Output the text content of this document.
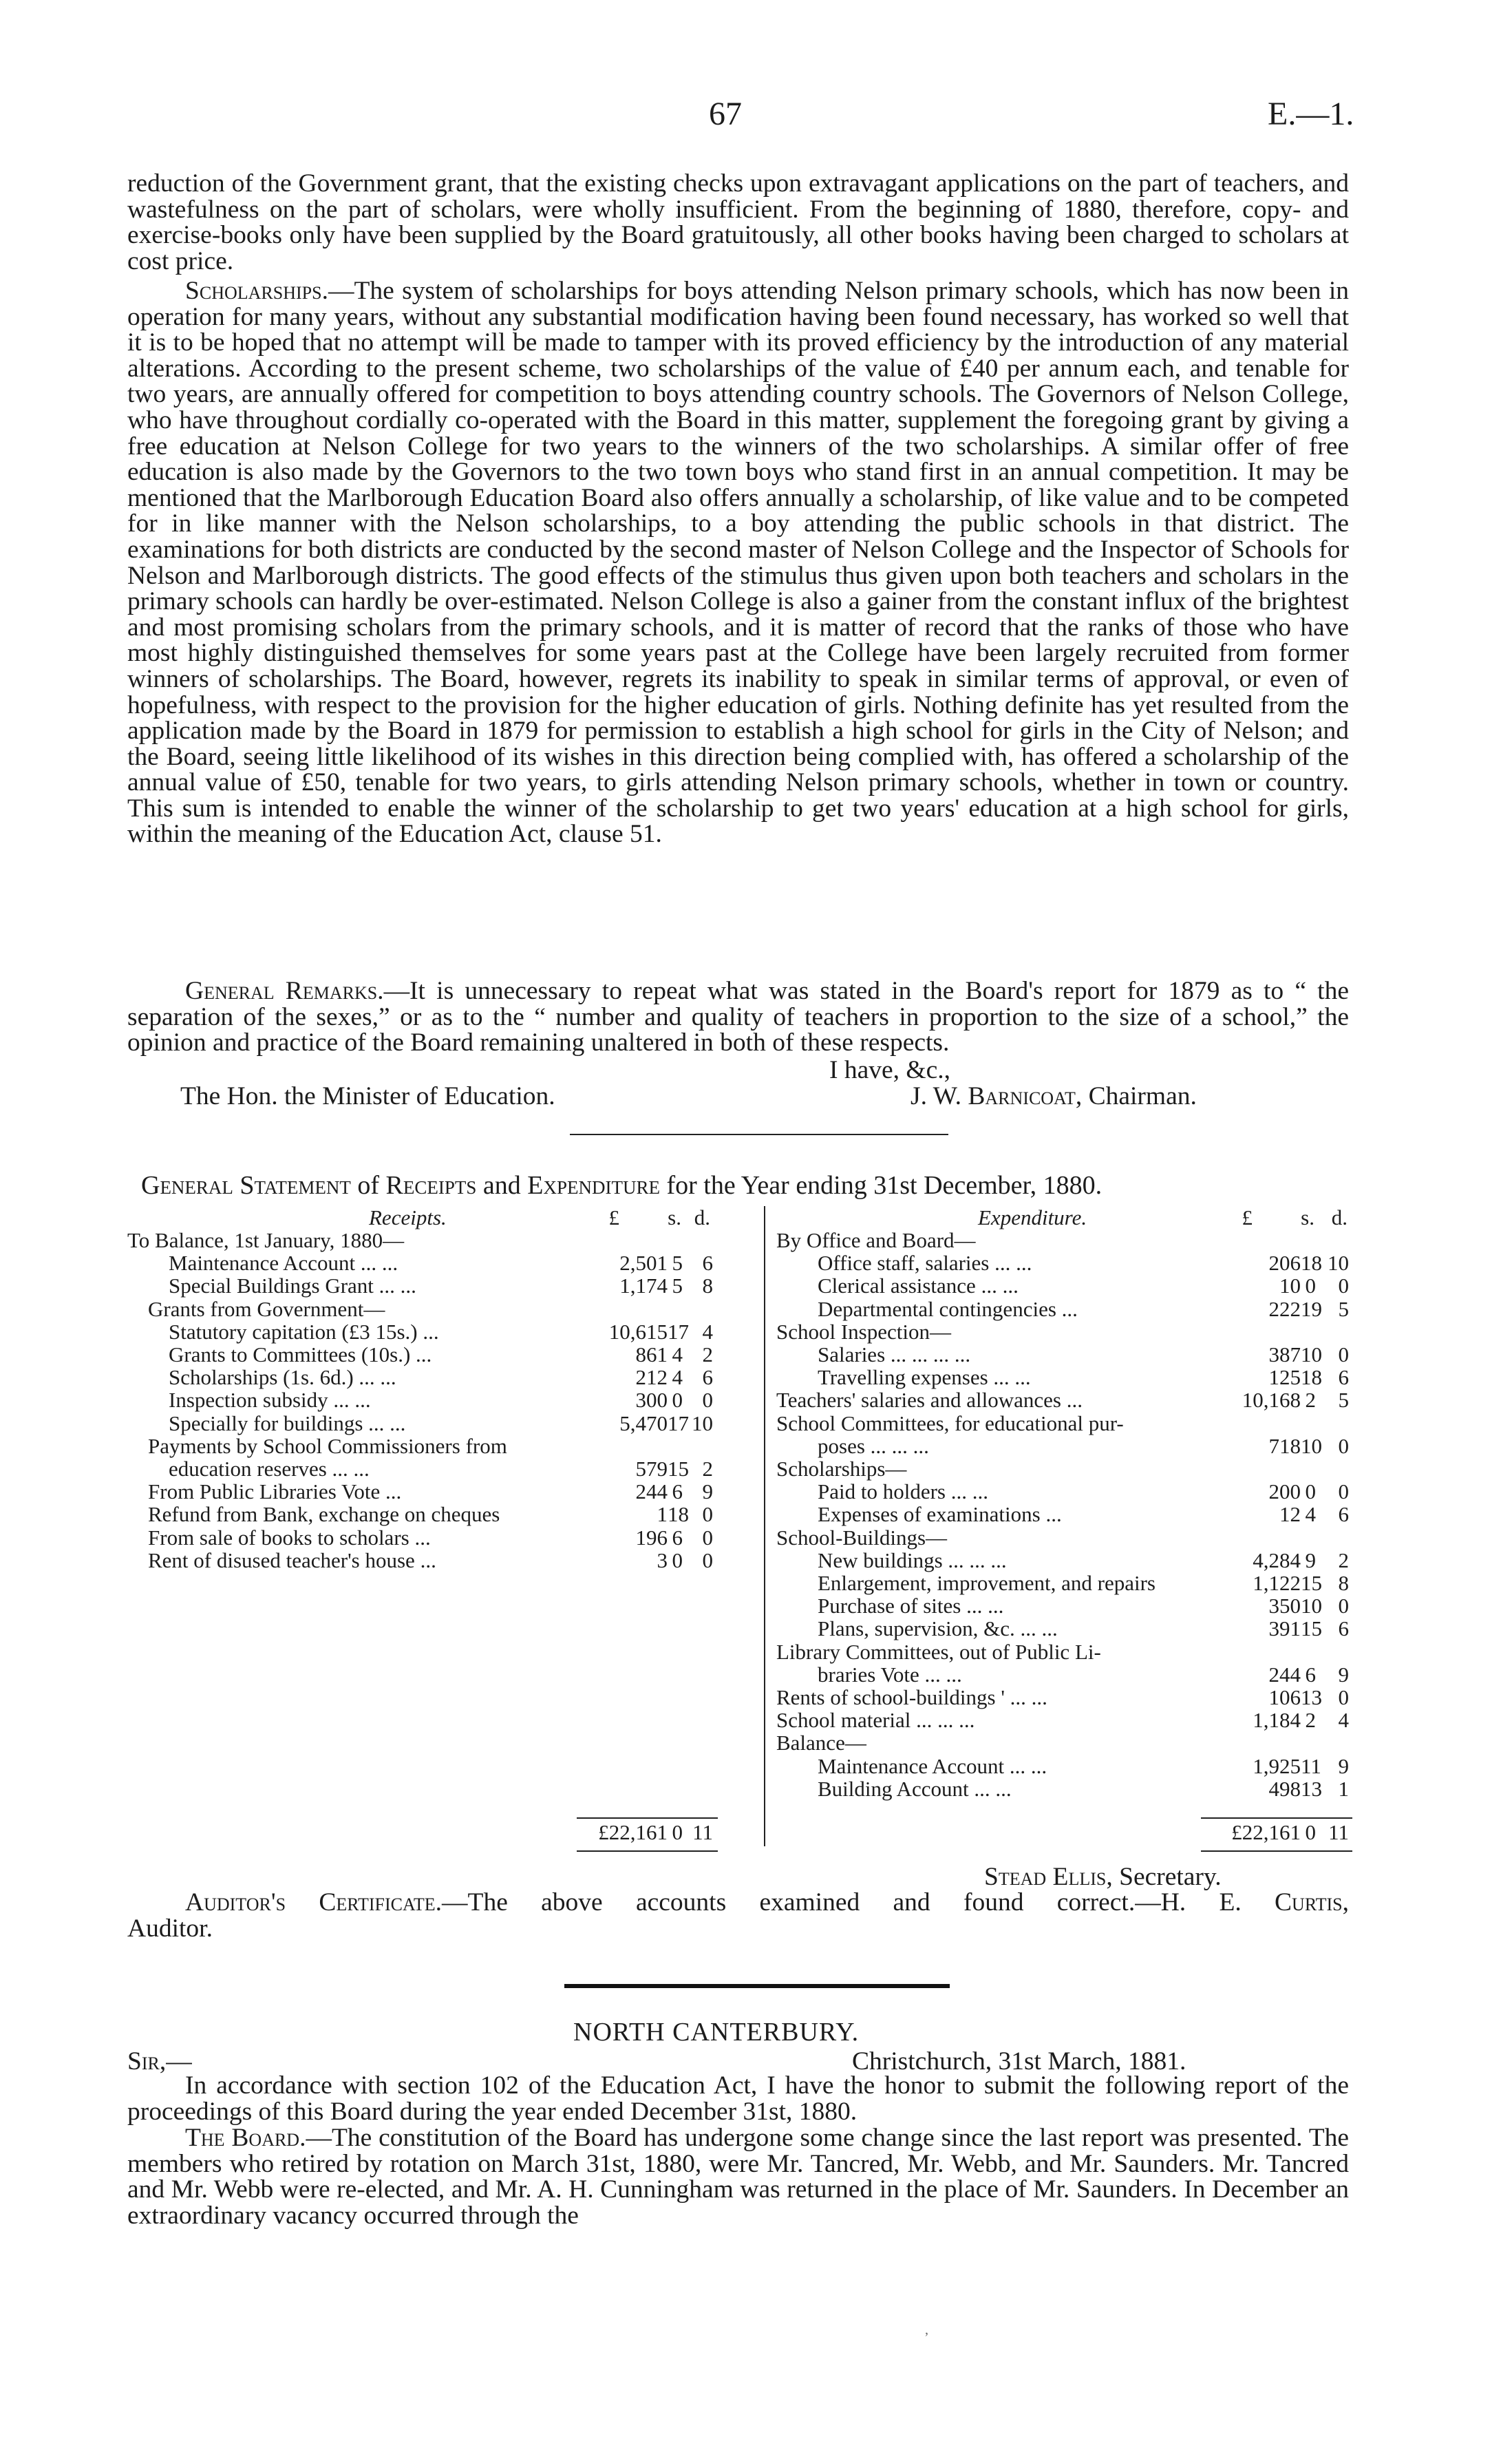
67	E.—1.

reduction of the Government grant, that the existing checks upon extravagant applications on the part of teachers, and wastefulness on the part of scholars, were wholly insufficient. From the beginning of 1880, therefore, copy- and exercise-books only have been supplied by the Board gratuitously, all other books having been charged to scholars at cost price.

Scholarships.—The system of scholarships for boys attending Nelson primary schools, which has now been in operation for many years, without any substantial modification having been found necessary, has worked so well that it is to be hoped that no attempt will be made to tamper with its proved efficiency by the introduction of any material alterations. According to the present scheme, two scholarships of the value of £40 per annum each, and tenable for two years, are annually offered for competition to boys attending country schools. The Governors of Nelson College, who have throughout cordially co-operated with the Board in this matter, supplement the foregoing grant by giving a free education at Nelson College for two years to the winners of the two scholarships. A similar offer of free education is also made by the Governors to the two town boys who stand first in an annual competition. It may be mentioned that the Marlborough Education Board also offers annually a scholarship, of like value and to be competed for in like manner with the Nelson scholarships, to a boy attending the public schools in that district. The examinations for both districts are conducted by the second master of Nelson College and the Inspector of Schools for Nelson and Marlborough districts. The good effects of the stimulus thus given upon both teachers and scholars in the primary schools can hardly be over-estimated. Nelson College is also a gainer from the constant influx of the brightest and most promising scholars from the primary schools, and it is matter of record that the ranks of those who have most highly distinguished themselves for some years past at the College have been largely recruited from former winners of scholarships. The Board, however, regrets its inability to speak in similar terms of approval, or even of hopefulness, with respect to the provision for the higher education of girls. Nothing definite has yet resulted from the application made by the Board in 1879 for permission to establish a high school for girls in the City of Nelson; and the Board, seeing little likelihood of its wishes in this direction being complied with, has offered a scholarship of the annual value of £50, tenable for two years, to girls attending Nelson primary schools, whether in town or country. This sum is intended to enable the winner of the scholarship to get two years' education at a high school for girls, within the meaning of the Education Act, clause 51.

General Remarks.—It is unnecessary to repeat what was stated in the Board's report for 1879 as to “ the separation of the sexes,” or as to the “ number and quality of teachers in proportion to the size of a school,” the opinion and practice of the Board remaining unaltered in both of these respects.

I have, &c.,
The Hon. the Minister of Education.	J. W. Barnicoat, Chairman.
General Statement of Receipts and Expenditure for the Year ending 31st December, 1880.
Receipts.	£	s. d.	Expenditure.	£	s. d.
To Balance, 1st January, 1880—
Maintenance Account ... ...	2,501 5 6
Special Buildings Grant ... ...	1,174 5 8
Grants from Government—
Statutory capitation (£3 15s.) ...	10,615 17 4
Grants to Committees (10s.) ...	861 4 2
Scholarships (1s. 6d.) ... ...	212 4 6
Inspection subsidy ... ...	300 0 0
Specially for buildings ... ...	5,470 17 10
Payments by School Commissioners from
education reserves ... ...	579 15 2
From Public Libraries Vote ...	244 6 9
Refund from Bank, exchange on cheques	1 18 0
From sale of books to scholars ...	196 6 0
Rent of disused teacher's house ...	3 0 0
By Office and Board—
Office staff, salaries ... ...	206 18 10
Clerical assistance ... ...	10 0	0
Departmental contingencies ...	222 19 5
School Inspection—
Salaries ... ... ... ...	387 10 0
Travelling expenses ... ...	125 18 6
Teachers' salaries and allowances ...	10,168 2	5
School Committees, for educational pur-
poses ... ... ...	718 10 0
Scholarships—
Paid to holders ... ...	200 0	0
Expenses of examinations ...	12 4	6
School-Buildings—
New buildings ... ... ...	4,284 9	2
Enlargement, improvement, and repairs	1,122 15 8
Purchase of sites ... ...	350 10 0
Plans, supervision, &c. ... ...	391 15 6
Library Committees, out of Public Li-
braries Vote ... ...	244 6	9
Rents of school-buildings ' ... ...	106 13 0
School material ... ... ...	1,184 2	4
Balance—
Maintenance Account ... ...	1,925 11 9
Building Account ... ...	498 13 1
£22,161 0 11	£22,161 0 11
Stead Ellis, Secretary.
Auditor's Certificate.—The above accounts examined and found correct.—H. E. Curtis,
Auditor.
NORTH CANTERBURY.
Sir,—	Christchurch, 31st March, 1881.

In accordance with section 102 of the Education Act, I have the honor to submit the following report of the proceedings of this Board during the year ended December 31st, 1880.

The Board.—The constitution of the Board has undergone some change since the last report was presented. The members who retired by rotation on March 31st, 1880, were Mr. Tancred, Mr. Webb, and Mr. Saunders. Mr. Tancred and Mr. Webb were re-elected, and Mr. A. H. Cunningham was returned in the place of Mr. Saunders. In December an extraordinary vacancy occurred through the

ʼ
